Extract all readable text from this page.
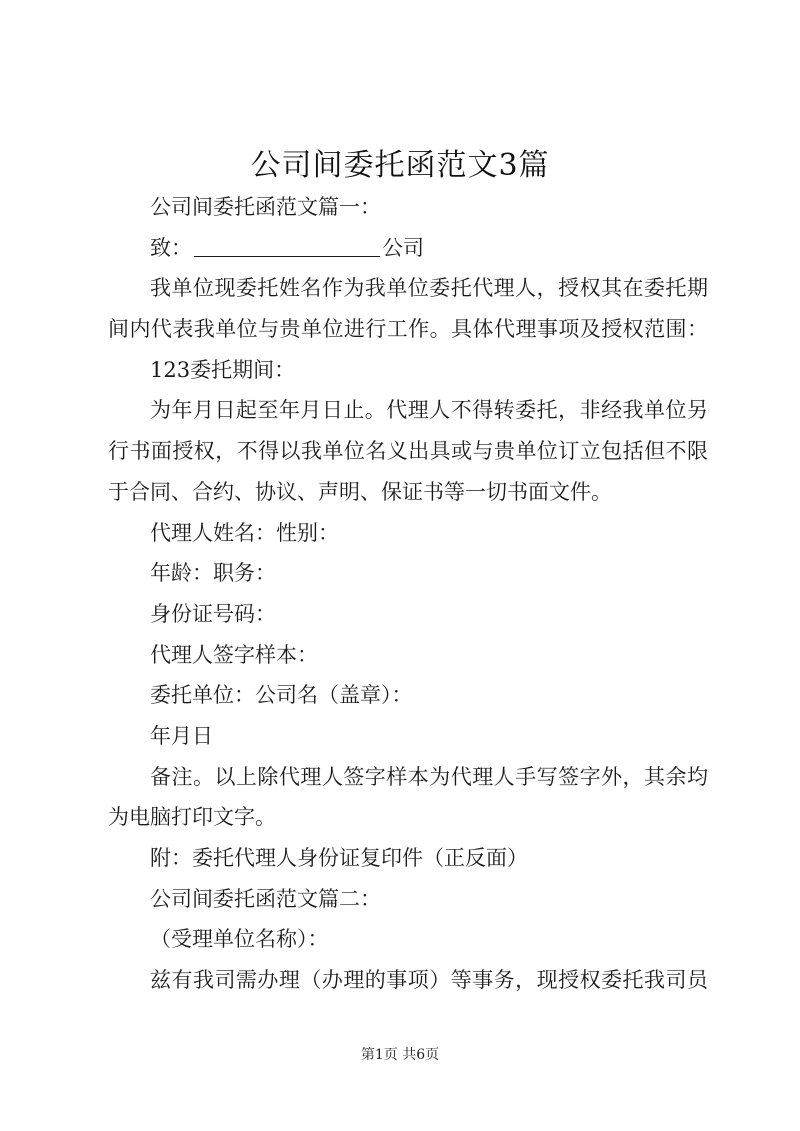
公司间委托函范文3篇
公司间委托函范文篇一：
致：	公司
我单位现委托姓名作为我单位委托代理人，授权其在委托期
间内代表我单位与贵单位进行工作。具体代理事项及授权范围：
123委托期间：
为年月日起至年月日止。代理人不得转委托，非经我单位另
行书面授权，不得以我单位名义出具或与贵单位订立包括但不限
于合同、合约、协议、声明、保证书等一切书面文件。
代理人姓名：性别：
年龄：职务：
身份证号码：
代理人签字样本：
委托单位：公司名（盖章）：
年月日
备注。以上除代理人签字样本为代理人手写签字外，其余均
为电脑打印文字。
附：委托代理人身份证复印件（正反面）
公司间委托函范文篇二：
（受理单位名称）：
兹有我司需办理（办理的事项）等事务，现授权委托我司员
第1页 共6页
